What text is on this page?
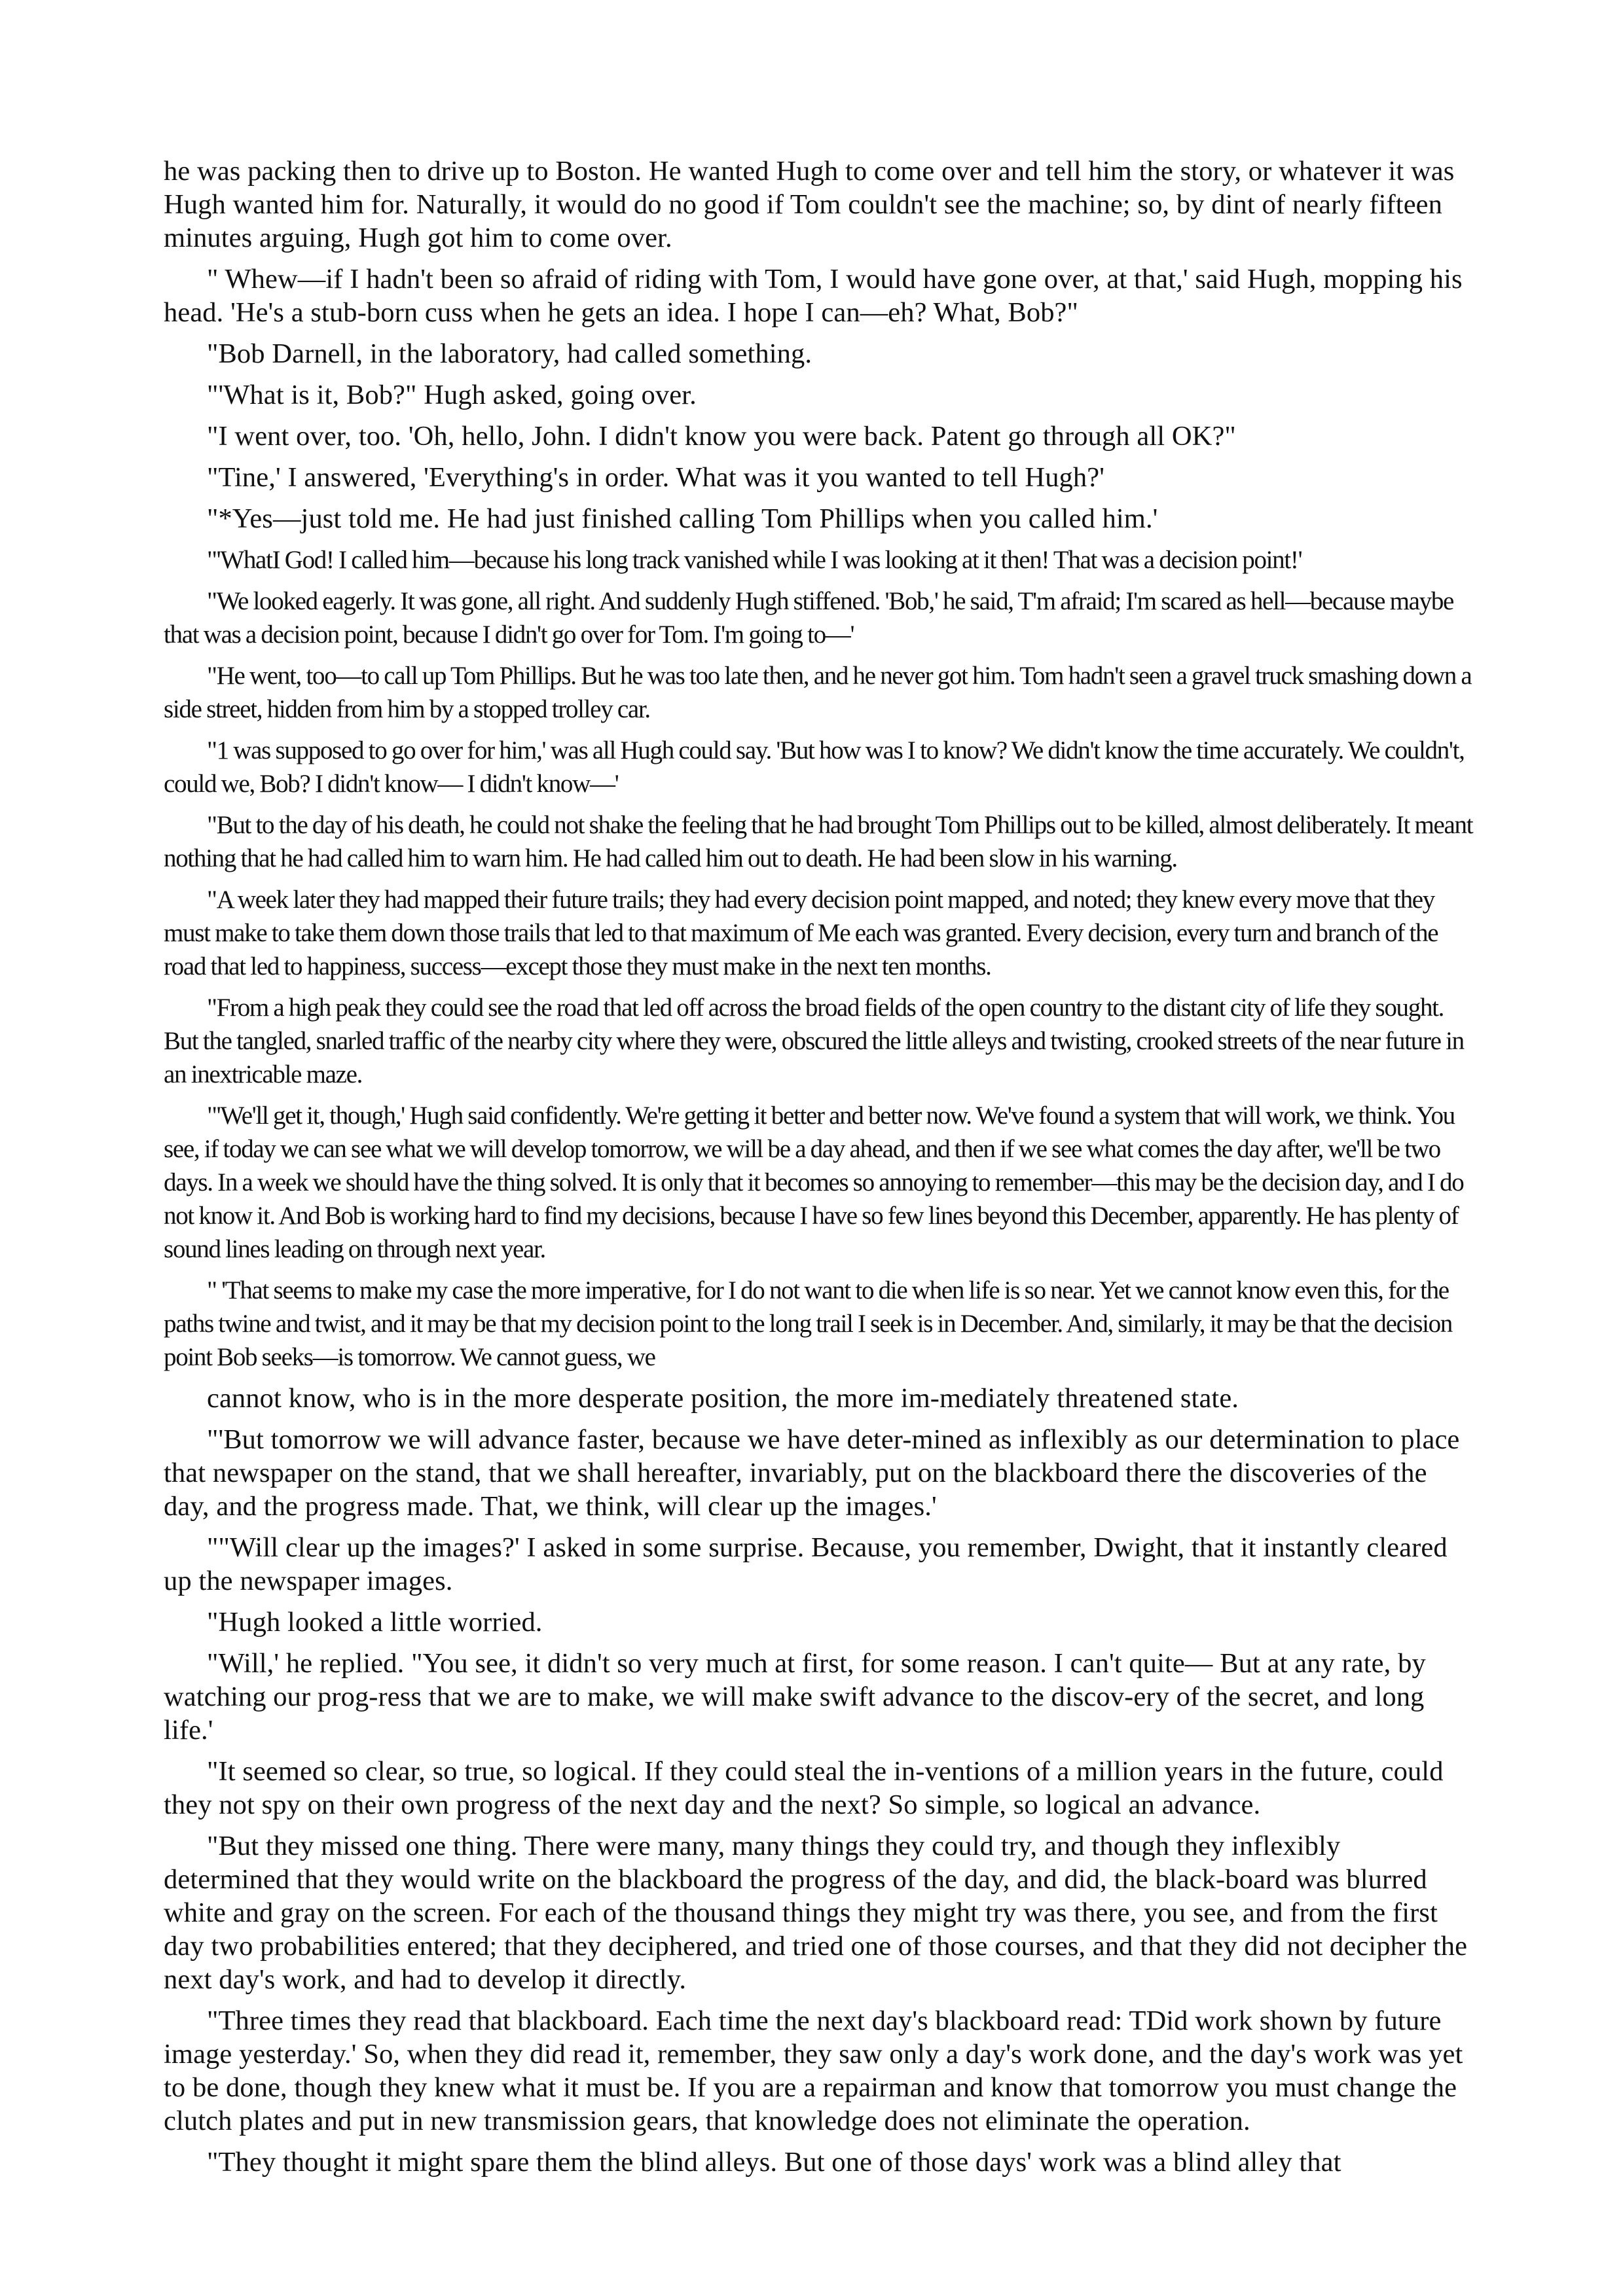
he was packing then to drive up to Boston. He wanted Hugh to come over and tell him the story, or whatever it was Hugh wanted him for. Naturally, it would do no good if Tom couldn't see the machine; so, by dint of nearly fifteen minutes arguing, Hugh got him to come over.

" Whew—if I hadn't been so afraid of riding with Tom, I would have gone over, at that,' said Hugh, mopping his head. 'He's a stub-born cuss when he gets an idea. I hope I can—eh? What, Bob?"

"Bob Darnell, in the laboratory, had called something.

"'What is it, Bob?" Hugh asked, going over.

"I went over, too. 'Oh, hello, John. I didn't know you were back. Patent go through all OK?"

"Tine,' I answered, 'Everything's in order. What was it you wanted to tell Hugh?'

"*Yes—just told me. He had just finished calling Tom Phillips when you called him.'

"'WhatI God! I called him—because his long track vanished while I was looking at it then! That was a decision point!'

"We looked eagerly. It was gone, all right. And suddenly Hugh stiffened. 'Bob,' he said, T'm afraid; I'm scared as hell—because maybe that was a decision point, because I didn't go over for Tom. I'm going to—'

"He went, too—to call up Tom Phillips. But he was too late then, and he never got him. Tom hadn't seen a gravel truck smashing down a side street, hidden from him by a stopped trolley car.

"1 was supposed to go over for him,' was all Hugh could say. 'But how was I to know? We didn't know the time accurately. We couldn't, could we, Bob? I didn't know— I didn't know—'

"But to the day of his death, he could not shake the feeling that he had brought Tom Phillips out to be killed, almost deliberately. It meant nothing that he had called him to warn him. He had called him out to death. He had been slow in his warning.

"A week later they had mapped their future trails; they had every decision point mapped, and noted; they knew every move that they must make to take them down those trails that led to that maximum of Me each was granted. Every decision, every turn and branch of the road that led to happiness, success—except those they must make in the next ten months.

"From a high peak they could see the road that led off across the broad fields of the open country to the distant city of life they sought. But the tangled, snarled traffic of the nearby city where they were, obscured the little alleys and twisting, crooked streets of the near future in an inextricable maze.

"'We'll get it, though,' Hugh said confidently. We're getting it better and better now. We've found a system that will work, we think. You see, if today we can see what we will develop tomorrow, we will be a day ahead, and then if we see what comes the day after, we'll be two days. In a week we should have the thing solved. It is only that it becomes so annoying to remember—this may be the decision day, and I do not know it. And Bob is working hard to find my decisions, because I have so few lines beyond this December, apparently. He has plenty of sound lines leading on through next year.

" 'That seems to make my case the more imperative, for I do not want to die when life is so near. Yet we cannot know even this, for the paths twine and twist, and it may be that my decision point to the long trail I seek is in December. And, similarly, it may be that the decision point Bob seeks—is tomorrow. We cannot guess, we

cannot know, who is in the more desperate position, the more im-mediately threatened state.

"'But tomorrow we will advance faster, because we have deter-mined as inflexibly as our determination to place that newspaper on the stand, that we shall hereafter, invariably, put on the blackboard there the discoveries of the day, and the progress made. That, we think, will clear up the images.'

""Will clear up the images?' I asked in some surprise. Because, you remember, Dwight, that it instantly cleared up the newspaper images.

"Hugh looked a little worried.

"Will,' he replied. "You see, it didn't so very much at first, for some reason. I can't quite— But at any rate, by watching our prog-ress that we are to make, we will make swift advance to the discov-ery of the secret, and long life.'

"It seemed so clear, so true, so logical. If they could steal the in-ventions of a million years in the future, could they not spy on their own progress of the next day and the next? So simple, so logical an advance.

"But they missed one thing. There were many, many things they could try, and though they inflexibly determined that they would write on the blackboard the progress of the day, and did, the black-board was blurred white and gray on the screen. For each of the thousand things they might try was there, you see, and from the first day two probabilities entered; that they deciphered, and tried one of those courses, and that they did not decipher the next day's work, and had to develop it directly.

"Three times they read that blackboard. Each time the next day's blackboard read: TDid work shown by future image yesterday.' So, when they did read it, remember, they saw only a day's work done, and the day's work was yet to be done, though they knew what it must be. If you are a repairman and know that tomorrow you must change the clutch plates and put in new transmission gears, that knowledge does not eliminate the operation.

"They thought it might spare them the blind alleys. But one of those days' work was a blind alley that
